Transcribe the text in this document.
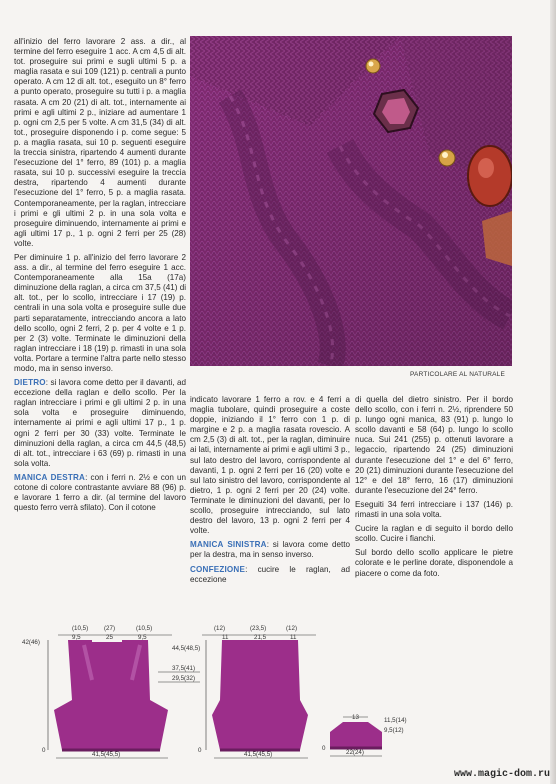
all'inizio del ferro lavorare 2 ass. a dir., al termine del ferro eseguire 1 acc. A cm 4,5 di alt. tot. proseguire sui primi e sugli ultimi 5 p. a maglia rasata e sui 109 (121) p. centrali a punto operato. A cm 12 di alt. tot., eseguito un 8° ferro a punto operato, proseguire su tutti i p. a maglia rasata. A cm 20 (21) di alt. tot., internamente ai primi e agli ultimi 2 p., iniziare ad aumentare 1 p. ogni cm 2,5 per 5 volte. A cm 31,5 (34) di alt. tot., proseguire disponendo i p. come segue: 5 p. a maglia rasata, sui 10 p. seguenti eseguire la treccia sinistra, ripartendo 4 aumenti durante l'esecuzione del 1° ferro, 89 (101) p. a maglia rasata, sui 10 p. successivi eseguire la treccia destra, ripartendo 4 aumenti durante l'esecuzione del 1° ferro, 5 p. a maglia rasata. Contemporaneamente, per la raglan, intrecciare i primi e gli ultimi 2 p. in una sola volta e proseguire diminuendo, internamente ai primi e agli ultimi 17 p., 1 p. ogni 2 ferri per 25 (28) volte.

Per diminuire 1 p. all'inizio del ferro lavorare 2 ass. a dir., al termine del ferro eseguire 1 acc. Contemporaneamente alla 15a (17a) diminuzione della raglan, a circa cm 37,5 (41) di alt. tot., per lo scollo, intrecciare i 17 (19) p. centrali in una sola volta e proseguire sulle due parti separatamente, intrecciando ancora a lato dello scollo, ogni 2 ferri, 2 p. per 4 volte e 1 p. per 2 (3) volte. Terminate le diminuzioni della raglan intrecciare i 18 (19) p. rimasti in una sola volta. Portare a termine l'altra parte nello stesso modo, ma in senso inverso.

DIETRO: si lavora come detto per il davanti, ad eccezione della raglan e dello scollo. Per la raglan intrecciare i primi e gli ultimi 2 p. in una sola volta e proseguire diminuendo, internamente ai primi e agli ultimi 17 p., 1 p. ogni 2 ferri per 30 (33) volte. Terminate le diminuzioni della raglan, a circa cm 44,5 (48,5) di alt. tot., intrecciare i 63 (69) p. rimasti in una sola volta.

MANICA DESTRA: con i ferri n. 2½ e con un cotone di colore contrastante avviare 88 (96) p. e lavorare 1 ferro a dir. (al termine del lavoro questo ferro verrà sfilato). Con il cotone

PARTICOLARE AL NATURALE

indicato lavorare 1 ferro a rov. e 4 ferri a maglia tubolare, quindi proseguire a coste doppie, iniziando il 1° ferro con 1 p. di margine e 2 p. a maglia rasata rovescio. A cm 2,5 (3) di alt. tot., per la raglan, diminuire ai lati, internamente ai primi e agli ultimi 3 p., sul lato destro del lavoro, corrispondente al davanti, 1 p. ogni 2 ferri per 16 (20) volte e sul lato sinistro del lavoro, corrispondente al dietro, 1 p. ogni 2 ferri per 20 (24) volte. Terminate le diminuzioni del davanti, per lo scollo, proseguire intrecciando, sul lato destro del lavoro, 13 p. ogni 2 ferri per 4 volte.

MANICA SINISTRA: si lavora come detto per la destra, ma in senso inverso.

CONFEZIONE: cucire le raglan, ad eccezione

di quella del dietro sinistro. Per il bordo dello scollo, con i ferri n. 2½, riprendere 50 p. lungo ogni manica, 83 (91) p. lungo lo scollo davanti e 58 (64) p. lungo lo scollo nuca. Sui 241 (255) p. ottenuti lavorare a legaccio, ripartendo 24 (25) diminuzioni durante l'esecuzione del 1° e del 6° ferro, 20 (21) diminuzioni durante l'esecuzione del 12° e del 18° ferro, 16 (17) diminuzioni durante l'esecuzione del 24° ferro.

Eseguiti 34 ferri intrecciare i 137 (146) p. rimasti in una sola volta.

Cucire la raglan e di seguito il bordo dello scollo. Cucire i fianchi.

Sul bordo dello scollo applicare le pietre colorate e le perline dorate, disponendole a piacere o come da foto.

(10,5)	(27)	(10,5)
9,5	25	9,5
42(46)
37,5(41)
29,5(32)
0
41,5(45,5)
(12)	(23,5)	(12)
11	21,5	11
44,5(48,5)
0
41,5(45,5)
13	11,5(14)
9,5(12)
0
22(24)
www.magic-dom.ru
